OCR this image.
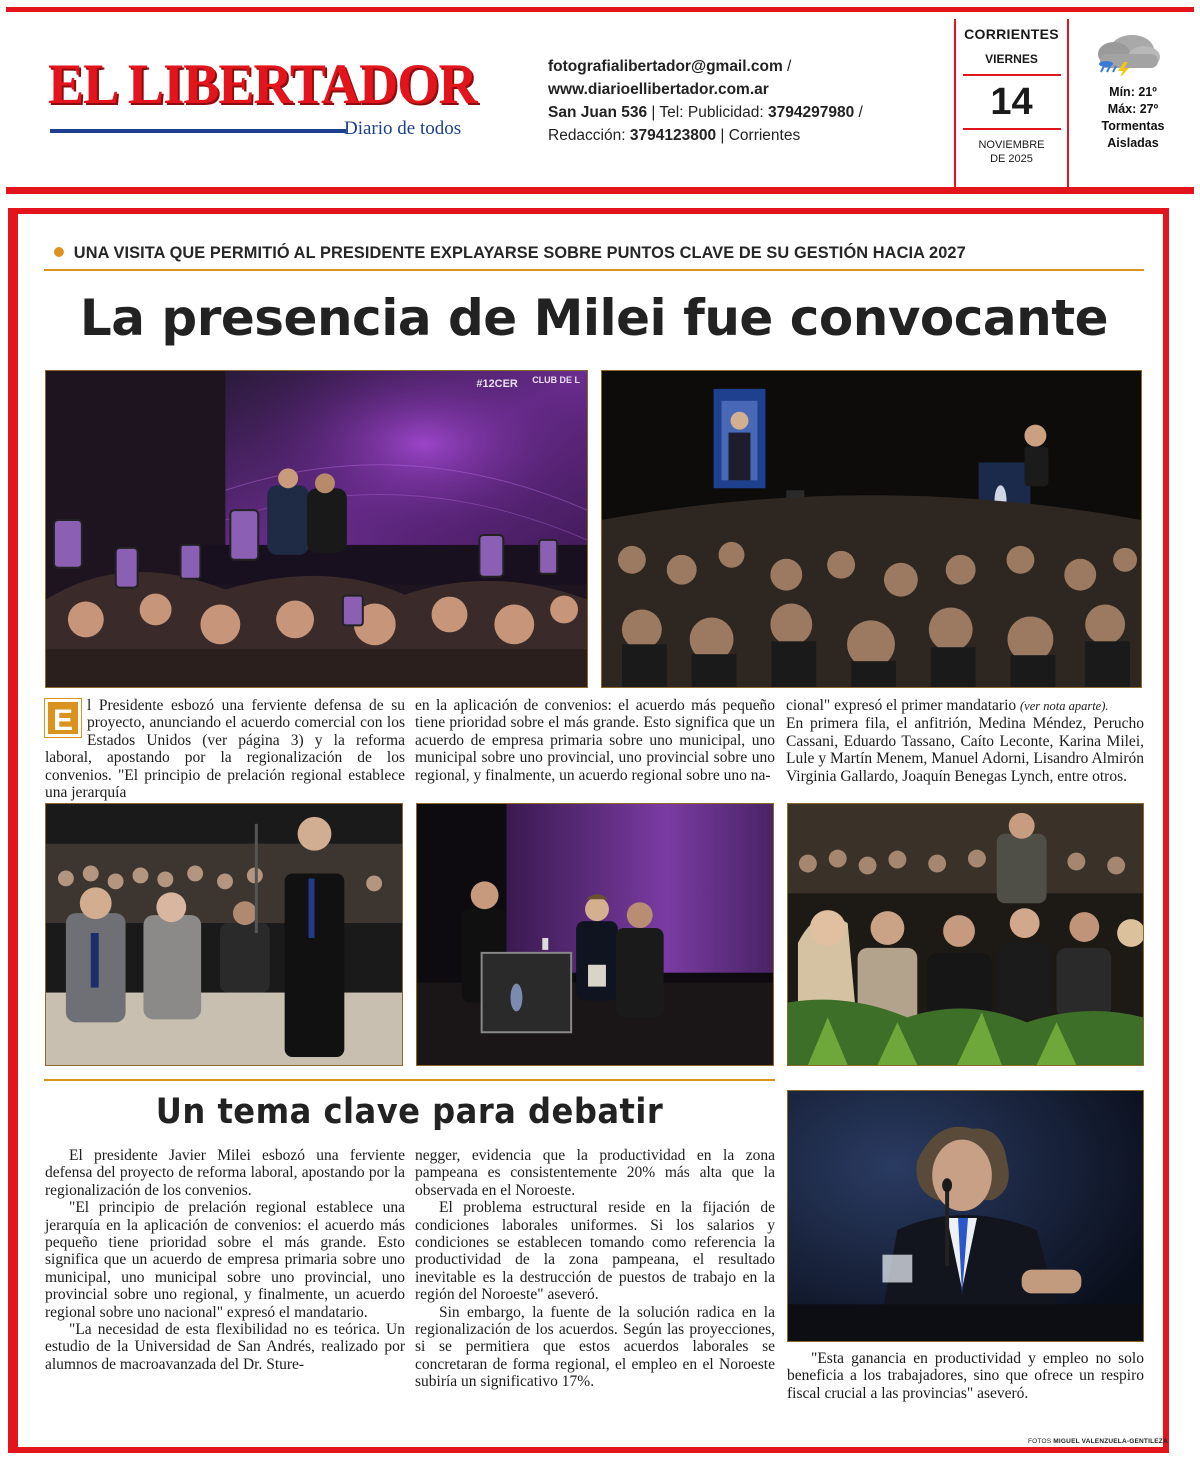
EL LIBERTADOR
Diario de todos
fotografialibertador@gmail.com /
www.diarioellibertador.com.ar
San Juan 536 | Tel: Publicidad: 3794297980 /
Redacción: 3794123800 | Corrientes
CORRIENTES
VIERNES
14
NOVIEMBRE
DE 2025
Mín: 21º
Máx: 27º
Tormentas
Aisladas
UNA VISITA QUE PERMITIÓ AL PRESIDENTE EXPLAYARSE SOBRE PUNTOS CLAVE DE SU GESTIÓN HACIA 2027
La presencia de Milei fue convocante
#12CER CLUB DE L

E l Presidente esbozó una ferviente defensa de su proyecto, anunciando el acuerdo comercial con los Estados Unidos (ver página 3) y la reforma laboral, apostando por la regionalización de los convenios. "El principio de prelación regional establece una jerarquía

en la aplicación de convenios: el acuerdo más pequeño tiene prioridad sobre el más grande. Esto significa que un acuerdo de empresa primaria sobre uno municipal, uno municipal sobre uno provincial, uno provincial sobre uno regional, y finalmente, un acuerdo regional sobre uno na-

cional" expresó el primer mandatario (ver nota aparte).

En primera fila, el anfitrión, Medina Méndez, Perucho Cassani, Eduardo Tassano, Caíto Leconte, Karina Milei, Lule y Martín Menem, Manuel Adorni, Lisandro Almirón Virginia Gallardo, Joaquín Benegas Lynch, entre otros.

Un tema clave para debatir

El presidente Javier Milei esbozó una ferviente defensa del proyecto de reforma laboral, apostando por la regionalización de los convenios.

"El principio de prelación regional establece una jerarquía en la aplicación de convenios: el acuerdo más pequeño tiene prioridad sobre el más grande. Esto significa que un acuerdo de empresa primaria sobre uno municipal, uno municipal sobre uno provincial, uno provincial sobre uno regional, y finalmente, un acuerdo regional sobre uno nacional" expresó el mandatario.

"La necesidad de esta flexibilidad no es teórica. Un estudio de la Universidad de San Andrés, realizado por alumnos de macroavanzada del Dr. Sture-

negger, evidencia que la productividad en la zona pampeana es consistentemente 20% más alta que la observada en el Noroeste.

El problema estructural reside en la fijación de condiciones laborales uniformes. Si los salarios y condiciones se establecen tomando como referencia la productividad de la zona pampeana, el resultado inevitable es la destrucción de puestos de trabajo en la región del Noroeste" aseveró.

Sin embargo, la fuente de la solución radica en la regionalización de los acuerdos. Según las proyecciones, si se permitiera que estos acuerdos laborales se concretaran de forma regional, el empleo en el Noroeste subiría un significativo 17%.

"Esta ganancia en productividad y empleo no solo beneficia a los trabajadores, sino que ofrece un respiro fiscal crucial a las provincias" aseveró.

FOTOS MIGUEL VALENZUELA-GENTILEZA
